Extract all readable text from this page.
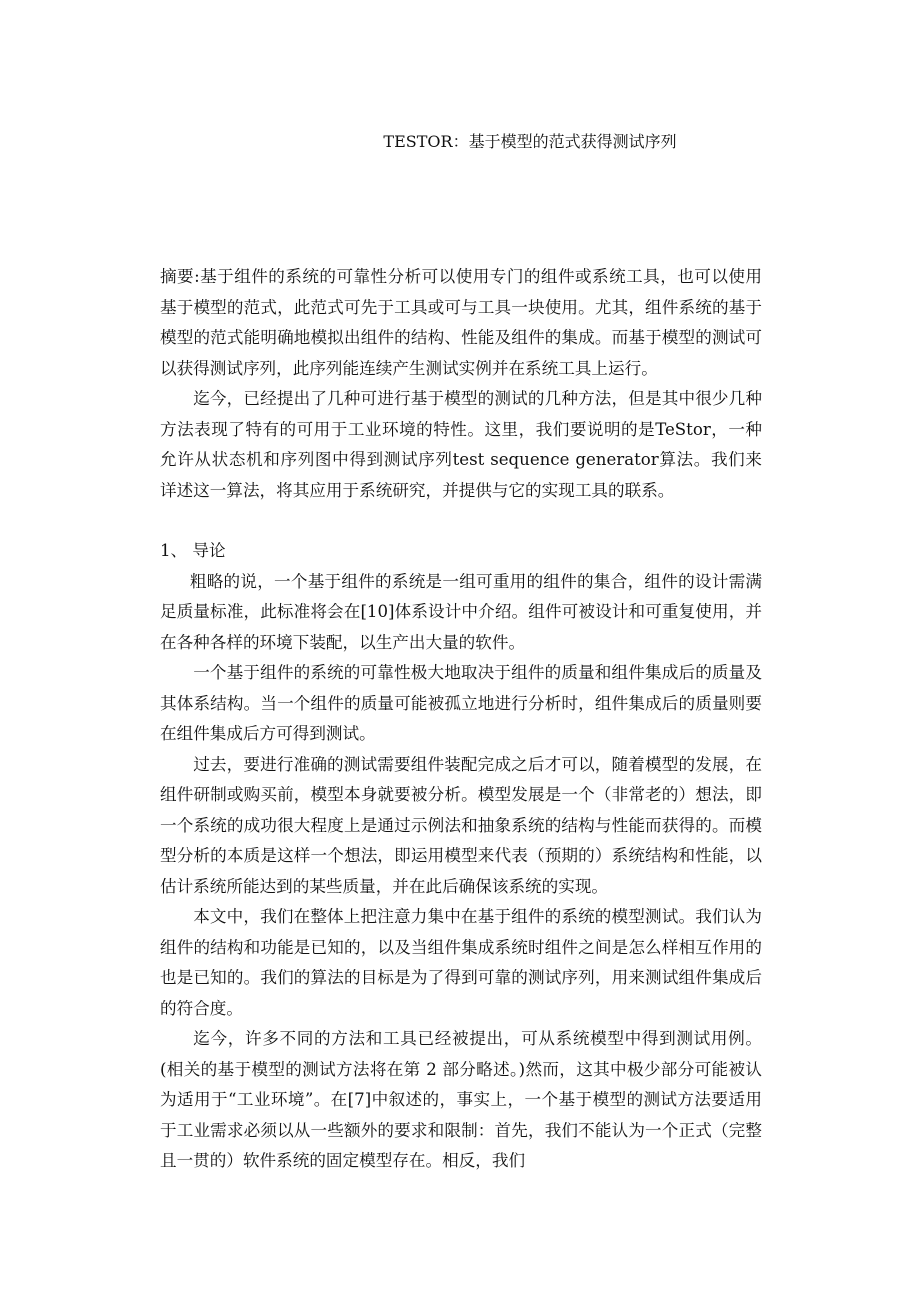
TESTOR：基于模型的范式获得测试序列

摘要:基于组件的系统的可靠性分析可以使用专门的组件或系统工具，也可以使用基于模型的范式，此范式可先于工具或可与工具一块使用。尤其，组件系统的基于模型的范式能明确地模拟出组件的结构、性能及组件的集成。而基于模型的测试可以获得测试序列，此序列能连续产生测试实例并在系统工具上运行。

迄今，已经提出了几种可进行基于模型的测试的几种方法，但是其中很少几种方法表现了特有的可用于工业环境的特性。这里，我们要说明的是TeStor，一种允许从状态机和序列图中得到测试序列test sequence generator算法。我们来详述这一算法，将其应用于系统研究，并提供与它的实现工具的联系。

1、 导论

粗略的说，一个基于组件的系统是一组可重用的组件的集合，组件的设计需满足质量标准，此标准将会在[10]体系设计中介绍。组件可被设计和可重复使用，并在各种各样的环境下装配，以生产出大量的软件。

一个基于组件的系统的可靠性极大地取决于组件的质量和组件集成后的质量及其体系结构。当一个组件的质量可能被孤立地进行分析时，组件集成后的质量则要在组件集成后方可得到测试。

过去，要进行准确的测试需要组件装配完成之后才可以，随着模型的发展，在组件研制或购买前，模型本身就要被分析。模型发展是一个（非常老的）想法，即一个系统的成功很大程度上是通过示例法和抽象系统的结构与性能而获得的。而模型分析的本质是这样一个想法，即运用模型来代表（预期的）系统结构和性能，以估计系统所能达到的某些质量，并在此后确保该系统的实现。

本文中，我们在整体上把注意力集中在基于组件的系统的模型测试。我们认为组件的结构和功能是已知的，以及当组件集成系统时组件之间是怎么样相互作用的也是已知的。我们的算法的目标是为了得到可靠的测试序列，用来测试组件集成后的符合度。

迄今，许多不同的方法和工具已经被提出，可从系统模型中得到测试用例。(相关的基于模型的测试方法将在第 2 部分略述。)然而，这其中极少部分可能被认为适用于“工业环境”。在[7]中叙述的，事实上，一个基于模型的测试方法要适用于工业需求必须以从一些额外的要求和限制：首先，我们不能认为一个正式（完整且一贯的）软件系统的固定模型存在。相反，我们
